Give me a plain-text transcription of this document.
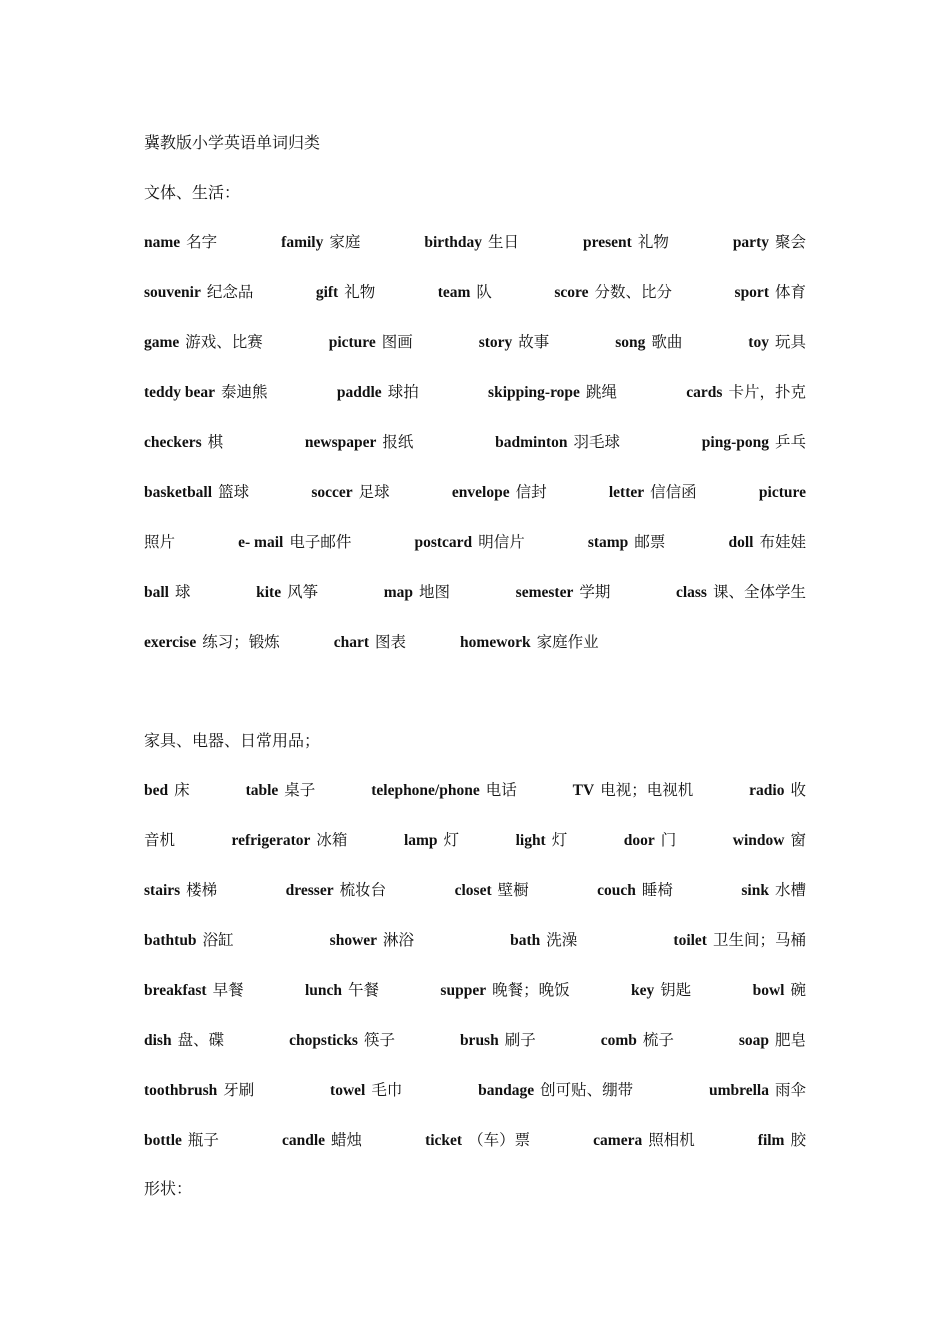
冀教版小学英语单词归类
文体、生活：
name 名字	family 家庭	birthday 生日	present 礼物	party 聚会
souvenir 纪念品	gift 礼物	team 队	score 分数、比分	sport 体育
game 游戏、比赛	picture 图画	story 故事	song 歌曲	toy 玩具
teddy bear 泰迪熊	paddle 球拍	skipping-rope 跳绳	cards 卡片，扑克
checkers 棋	newspaper 报纸	badminton 羽毛球	ping-pong 乒乓
basketball 篮球	soccer 足球	envelope 信封	letter 信信函	picture
照片	e- mail 电子邮件	postcard 明信片	stamp 邮票	doll 布娃娃
ball 球	kite 风筝	map 地图	semester 学期	class 课、全体学生
exercise 练习；锻炼	chart 图表	homework 家庭作业
家具、电器、日常用品；
bed 床	table 桌子	telephone/phone 电话	TV 电视；电视机	radio 收
音机	refrigerator 冰箱	lamp 灯	light 灯	door 门	window 窗
stairs 楼梯	dresser 梳妆台	closet 壁橱	couch 睡椅	sink 水槽
bathtub 浴缸	shower 淋浴	bath 洗澡	toilet 卫生间；马桶
breakfast 早餐	lunch 午餐	supper 晚餐；晚饭	key 钥匙	bowl 碗
dish 盘、碟	chopsticks 筷子	brush 刷子	comb 梳子	soap 肥皂
toothbrush 牙刷	towel 毛巾	bandage 创可贴、绷带	umbrella 雨伞
bottle 瓶子	candle 蜡烛	ticket （车）票	camera 照相机	film 胶
形状：
